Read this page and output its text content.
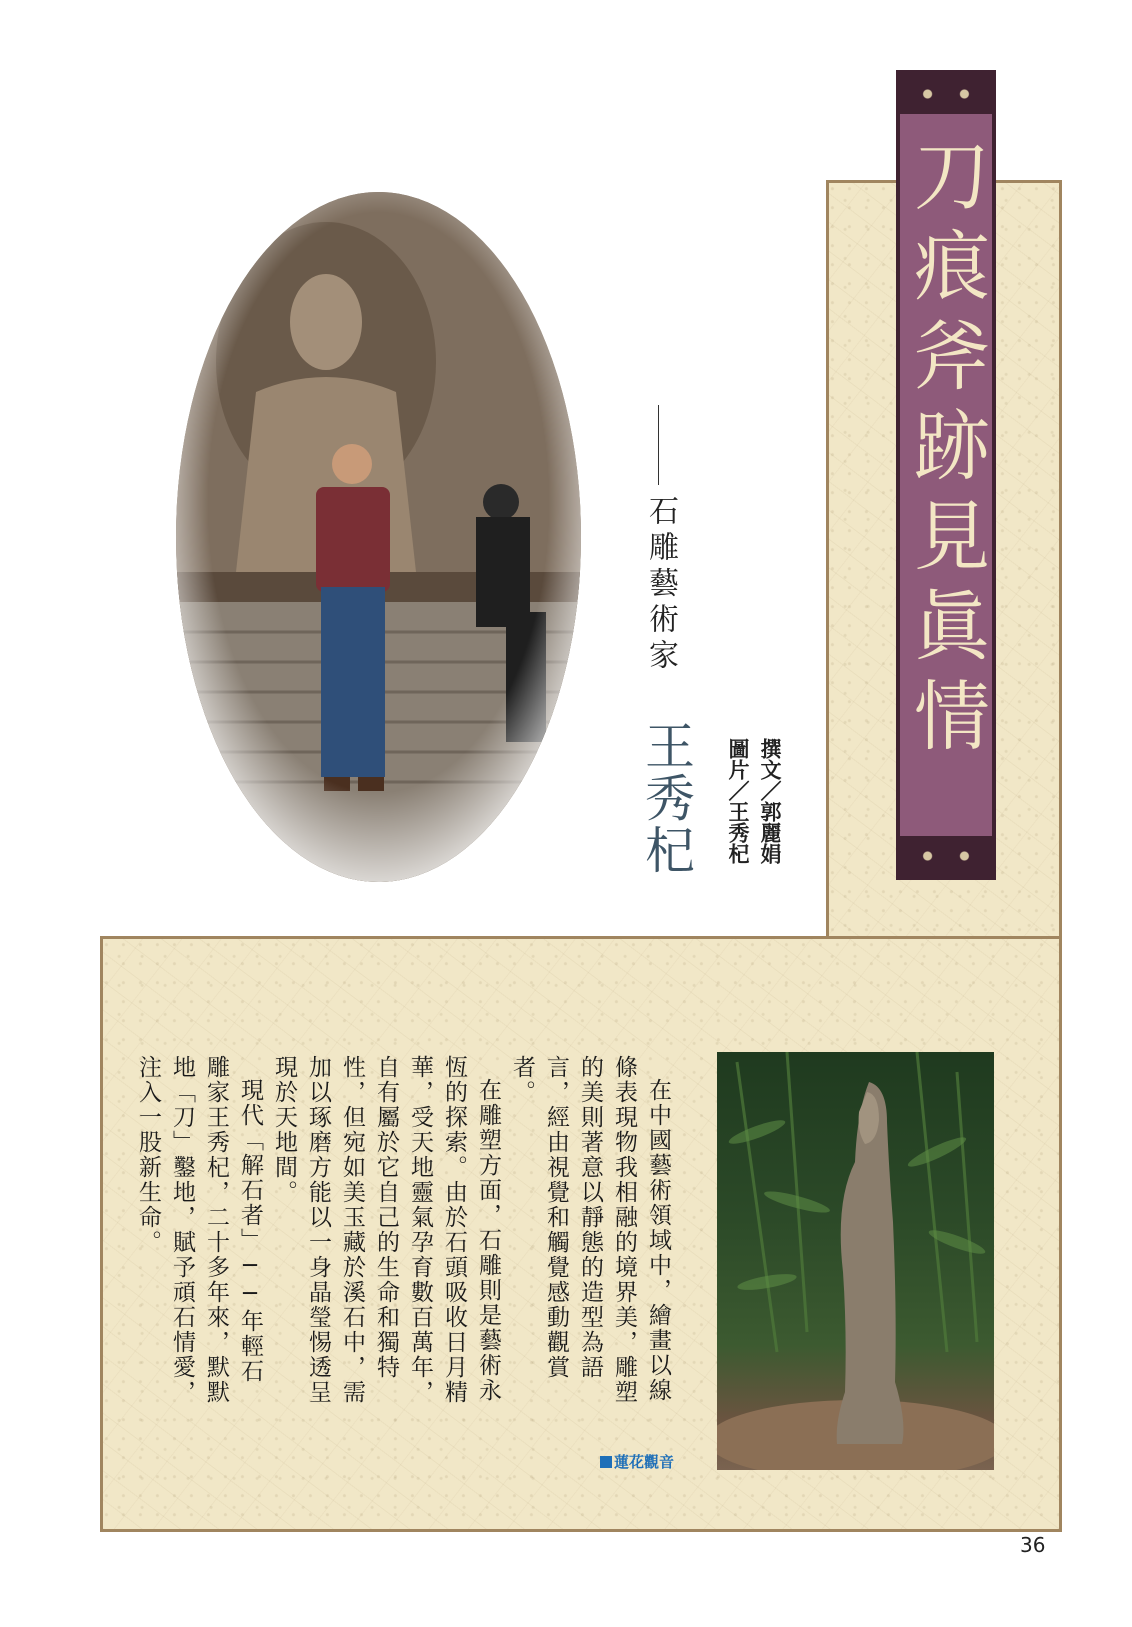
刀痕斧跡見眞情
撰文／郭麗娟
圖片／王秀杞
石雕藝術家
王秀杞

在中國藝術領域中，繪畫以線條表現物我相融的境界美，雕塑的美則著意以靜態的造型為語言，經由視覺和觸覺感動觀賞者。

在雕塑方面，石雕則是藝術永恆的探索。由於石頭吸收日月精華，受天地靈氣孕育數百萬年，自有屬於它自己的生命和獨特性，但宛如美玉藏於溪石中，需加以琢磨方能以一身晶瑩惕透呈現於天地間。

現代「解石者」──年輕石雕家王秀杞，二十多年來，默默地「刀」鑿地，賦予頑石情愛，注入一股新生命。

蓮花觀音
36
